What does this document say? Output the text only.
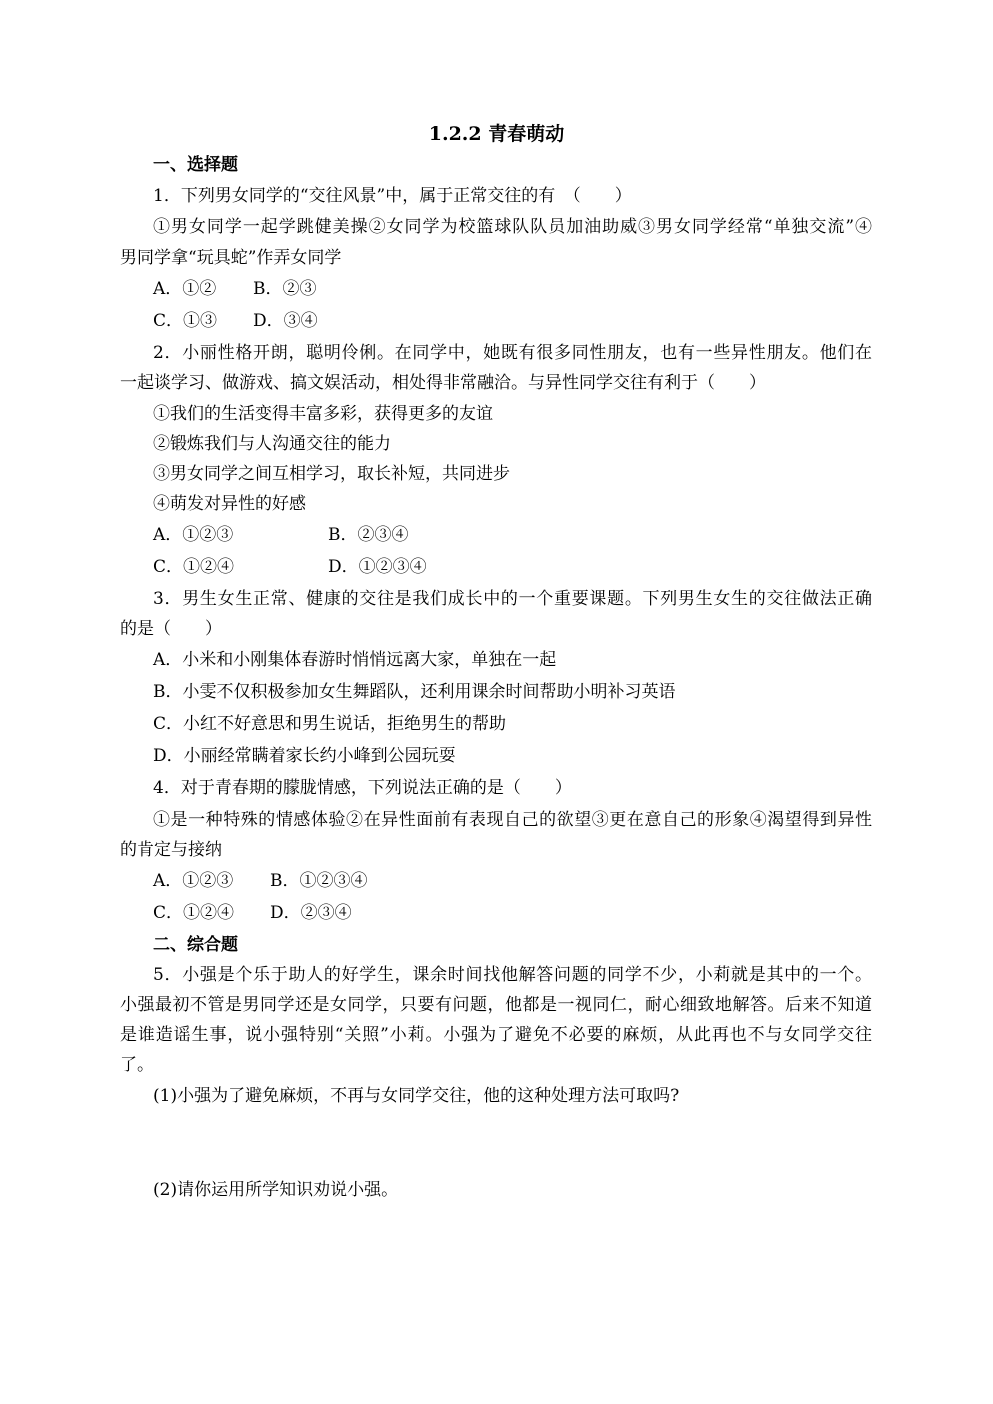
1.2.2 青春萌动

一、选择题

1．下列男女同学的“交往风景”中，属于正常交往的有　（　　）

①男女同学一起学跳健美操②女同学为校篮球队队员加油助威③男女同学经常“单独交流”④

男同学拿“玩具蛇”作弄女同学

A．①② B．②③
C．①③ D．③④

2．小丽性格开朗，聪明伶俐。在同学中，她既有很多同性朋友，也有一些异性朋友。他们在

一起谈学习、做游戏、搞文娱活动，相处得非常融洽。与异性同学交往有利于（　　）

①我们的生活变得丰富多彩，获得更多的友谊

②锻炼我们与人沟通交往的能力

③男女同学之间互相学习，取长补短，共同进步

④萌发对异性的好感

A．①②③	B．②③④
C．①②④	D．①②③④

3．男生女生正常、健康的交往是我们成长中的一个重要课题。下列男生女生的交往做法正确

的是（　　）

A．小米和小刚集体春游时悄悄远离大家，单独在一起

B．小雯不仅积极参加女生舞蹈队，还利用课余时间帮助小明补习英语

C．小红不好意思和男生说话，拒绝男生的帮助

D．小丽经常瞒着家长约小峰到公园玩耍

4．对于青春期的朦胧情感，下列说法正确的是（　　）

①是一种特殊的情感体验②在异性面前有表现自己的欲望③更在意自己的形象④渴望得到异性

的肯定与接纳

A．①②③ B．①②③④
C．①②④ D．②③④

二、综合题

5．小强是个乐于助人的好学生，课余时间找他解答问题的同学不少，小莉就是其中的一个。

小强最初不管是男同学还是女同学，只要有问题，他都是一视同仁，耐心细致地解答。后来不知道

是谁造谣生事，说小强特别“关照”小莉。小强为了避免不必要的麻烦，从此再也不与女同学交往

了。

(1)小强为了避免麻烦，不再与女同学交往，他的这种处理方法可取吗?

(2)请你运用所学知识劝说小强。
